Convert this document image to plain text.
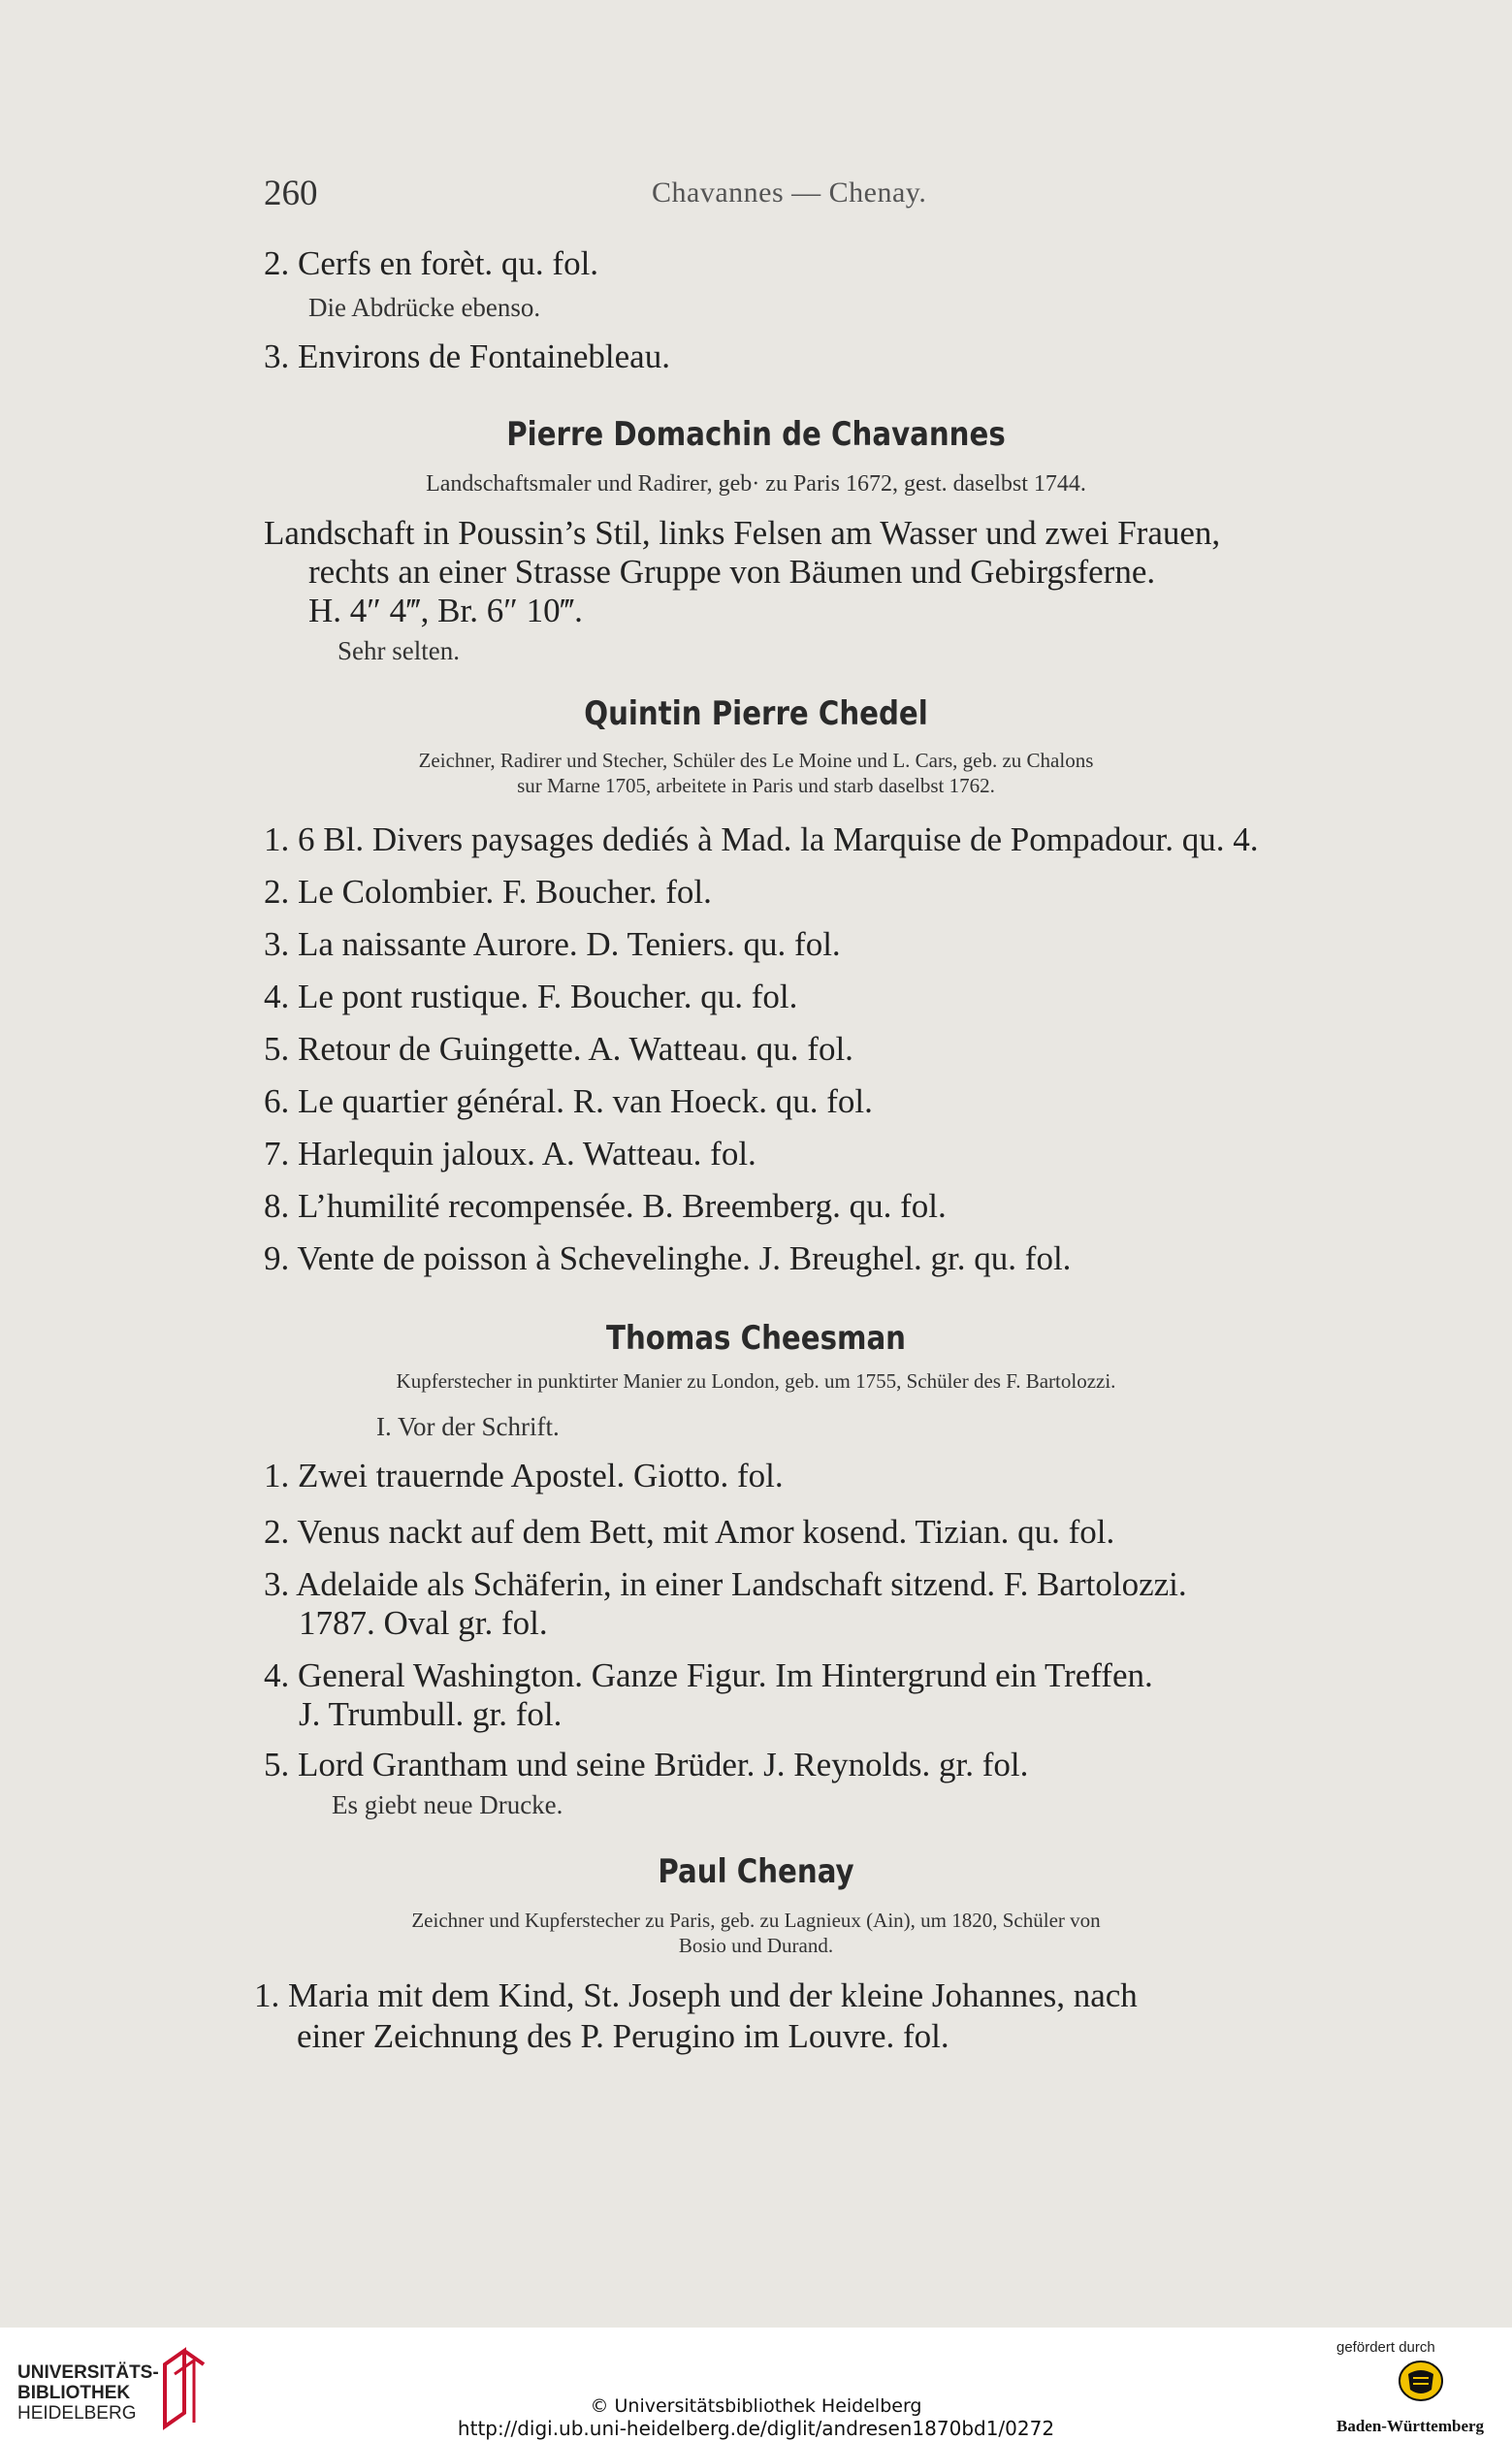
260	Chavannes — Chenay.
2. Cerfs en forèt. qu. fol.
Die Abdrücke ebenso.
3. Environs de Fontainebleau.
Pierre Domachin de Chavannes
Landschaftsmaler und Radirer, geb· zu Paris 1672, gest. daselbst 1744.
Landschaft in Poussin’s Stil, links Felsen am Wasser und zwei Frauen,
rechts an einer Strasse Gruppe von Bäumen und Gebirgsferne.
H. 4″ 4‴, Br. 6″ 10‴.
Sehr selten.
Quintin Pierre Chedel
Zeichner, Radirer und Stecher, Schüler des Le Moine und L. Cars, geb. zu Chalons
sur Marne 1705, arbeitete in Paris und starb daselbst 1762.
1. 6 Bl. Divers paysages dediés à Mad. la Marquise de Pompadour. qu. 4.
2. Le Colombier. F. Boucher. fol.
3. La naissante Aurore. D. Teniers. qu. fol.
4. Le pont rustique. F. Boucher. qu. fol.
5. Retour de Guingette. A. Watteau. qu. fol.
6. Le quartier général. R. van Hoeck. qu. fol.
7. Harlequin jaloux. A. Watteau. fol.
8. L’humilité recompensée. B. Breemberg. qu. fol.
9. Vente de poisson à Schevelinghe. J. Breughel. gr. qu. fol.
Thomas Cheesman
Kupferstecher in punktirter Manier zu London, geb. um 1755, Schüler des F. Bartolozzi.
I. Vor der Schrift.
1. Zwei trauernde Apostel. Giotto. fol.
2. Venus nackt auf dem Bett, mit Amor kosend. Tizian. qu. fol.
3. Adelaide als Schäferin, in einer Landschaft sitzend. F. Bartolozzi.
1787. Oval gr. fol.
4. General Washington. Ganze Figur. Im Hintergrund ein Treffen.
J. Trumbull. gr. fol.
5. Lord Grantham und seine Brüder. J. Reynolds. gr. fol.
Es giebt neue Drucke.
Paul Chenay
Zeichner und Kupferstecher zu Paris, geb. zu Lagnieux (Ain), um 1820, Schüler von
Bosio und Durand.
1. Maria mit dem Kind, St. Joseph und der kleine Johannes, nach
einer Zeichnung des P. Perugino im Louvre. fol.
UNIVERSITÄTS-
BIBLIOTHEK
HEIDELBERG	© Universitätsbibliothek Heidelberg
http://digi.ub.uni-heidelberg.de/diglit/andresen1870bd1/0272
gefördert durch
Baden-Württemberg
